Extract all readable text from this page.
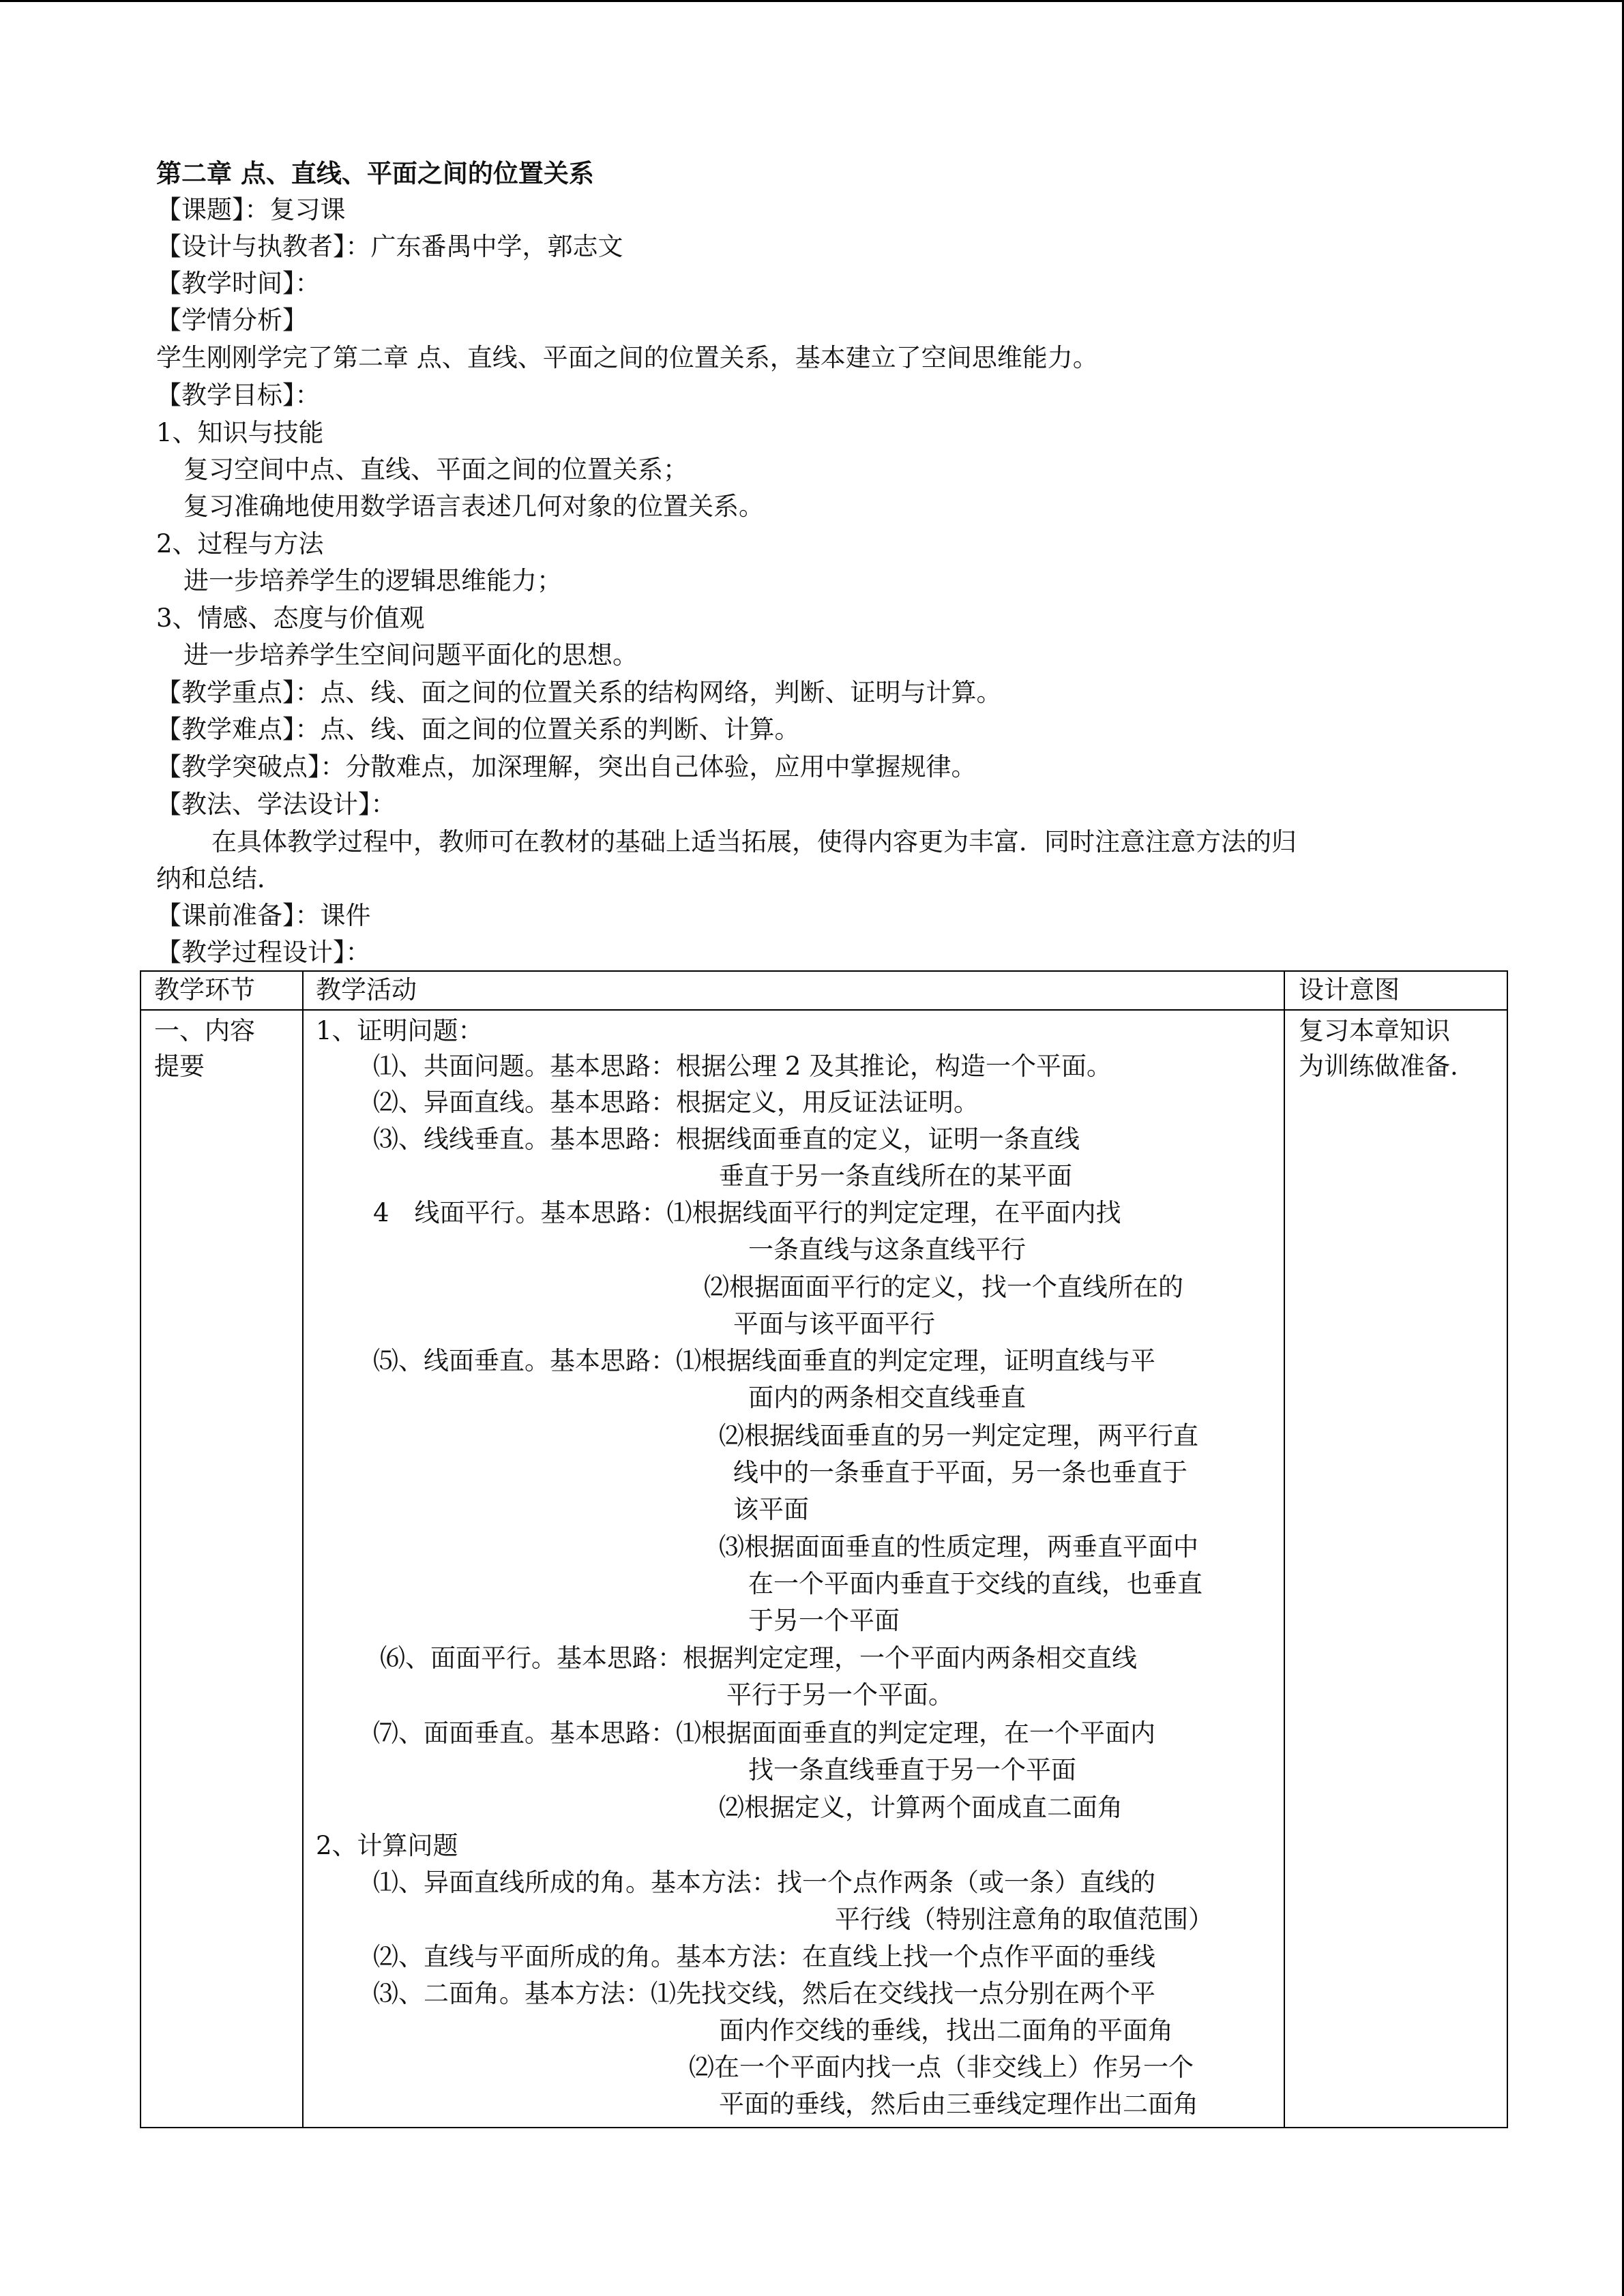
第二章 点、直线、平面之间的位置关系
【课题】：复习课
【设计与执教者】：广东番禺中学，郭志文
【教学时间】：
【学情分析】
学生刚刚学完了第二章 点、直线、平面之间的位置关系，基本建立了空间思维能力。
【教学目标】：
1、知识与技能
复习空间中点、直线、平面之间的位置关系；
复习准确地使用数学语言表述几何对象的位置关系。
2、过程与方法
进一步培养学生的逻辑思维能力；
3、情感、态度与价值观
进一步培养学生空间问题平面化的思想。
【教学重点】：点、线、面之间的位置关系的结构网络，判断、证明与计算。
【教学难点】：点、线、面之间的位置关系的判断、计算。
【教学突破点】：分散难点，加深理解，突出自己体验，应用中掌握规律。
【教法、学法设计】：
在具体教学过程中，教师可在教材的基础上适当拓展，使得内容更为丰富．同时注意注意方法的归
纳和总结．
【课前准备】：课件
【教学过程设计】：
教学环节 教学活动	设计意图
一、内容
提要
复习本章知识
为训练做准备.
1、证明问题：
⑴、共面问题。基本思路：根据公理 2 及其推论，构造一个平面。
⑵、异面直线。基本思路：根据定义，用反证法证明。
⑶、线线垂直。基本思路：根据线面垂直的定义，证明一条直线
垂直于另一条直线所在的某平面
4　线面平行。基本思路：⑴根据线面平行的判定定理，在平面内找
一条直线与这条直线平行
⑵根据面面平行的定义，找一个直线所在的
平面与该平面平行
⑸、线面垂直。基本思路：⑴根据线面垂直的判定定理，证明直线与平
面内的两条相交直线垂直
⑵根据线面垂直的另一判定定理，两平行直
线中的一条垂直于平面，另一条也垂直于
该平面
⑶根据面面垂直的性质定理，两垂直平面中
在一个平面内垂直于交线的直线，也垂直
于另一个平面
⑹、面面平行。基本思路：根据判定定理，一个平面内两条相交直线
平行于另一个平面。
⑺、面面垂直。基本思路：⑴根据面面垂直的判定定理，在一个平面内
找一条直线垂直于另一个平面
⑵根据定义，计算两个面成直二面角
2、计算问题
⑴、异面直线所成的角。基本方法：找一个点作两条（或一条）直线的
平行线（特别注意角的取值范围）
⑵、直线与平面所成的角。基本方法：在直线上找一个点作平面的垂线
⑶、二面角。基本方法：⑴先找交线，然后在交线找一点分别在两个平
面内作交线的垂线，找出二面角的平面角
⑵在一个平面内找一点（非交线上）作另一个
平面的垂线，然后由三垂线定理作出二面角
